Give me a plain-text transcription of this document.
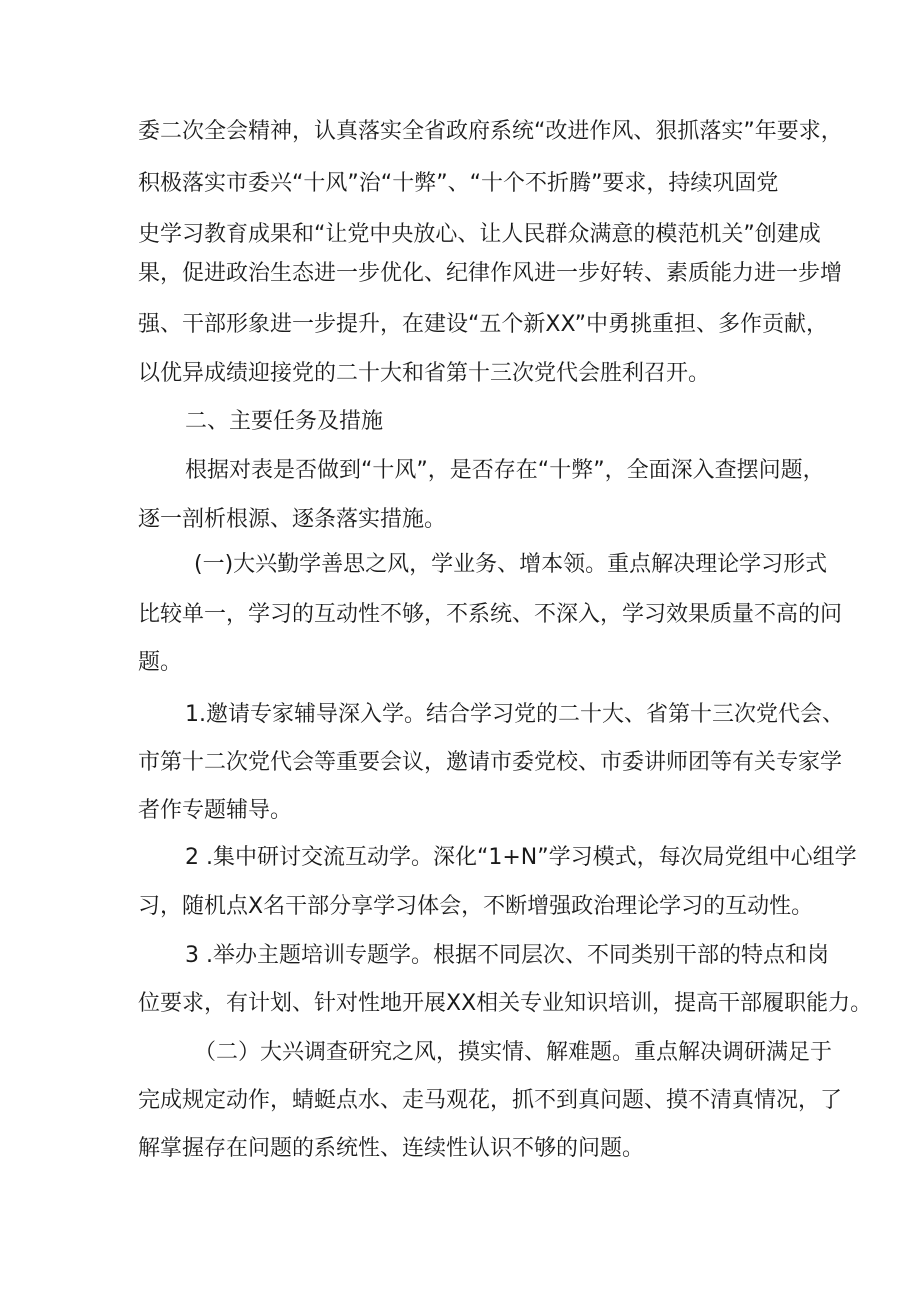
委二次全会精神，认真落实全省政府系统“改进作风、狠抓落实”年要求，
积极落实市委兴“十风”治“十弊”、“十个不折腾”要求，持续巩固党
史学习教育成果和“让党中央放心、让人民群众满意的模范机关”创建成
果，促进政治生态进一步优化、纪律作风进一步好转、素质能力进一步增
强、干部形象进一步提升，在建设“五个新XX”中勇挑重担、多作贡献，
以优异成绩迎接党的二十大和省第十三次党代会胜利召开。
二、主要任务及措施
根据对表是否做到“十风”，是否存在“十弊”，全面深入查摆问题，
逐一剖析根源、逐条落实措施。
(一)大兴勤学善思之风，学业务、增本领。重点解决理论学习形式
比较单一，学习的互动性不够，不系统、不深入，学习效果质量不高的问
题。
1.邀请专家辅导深入学。结合学习党的二十大、省第十三次党代会、
市第十二次党代会等重要会议，邀请市委党校、市委讲师团等有关专家学
者作专题辅导。
2 .集中研讨交流互动学。深化“1+N”学习模式，每次局党组中心组学
习，随机点X名干部分享学习体会，不断增强政治理论学习的互动性。
3 .举办主题培训专题学。根据不同层次、不同类别干部的特点和岗
位要求，有计划、针对性地开展XX相关专业知识培训，提高干部履职能力。
（二）大兴调查研究之风，摸实情、解难题。重点解决调研满足于
完成规定动作，蜻蜓点水、走马观花，抓不到真问题、摸不清真情况，了
解掌握存在问题的系统性、连续性认识不够的问题。
